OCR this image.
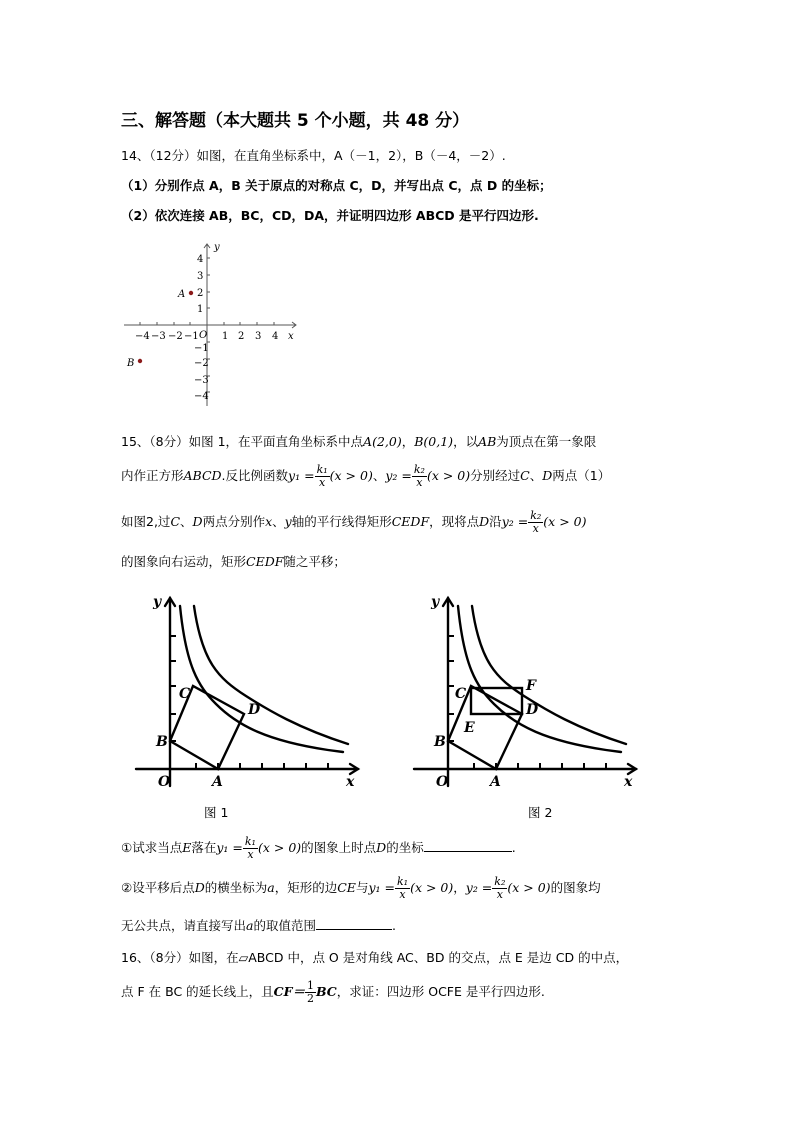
三、解答题（本大题共 5 个小题，共 48 分）
14、（12分）如图，在直角坐标系中，A（－1，2），B（－4，－2）.
（1）分别作点 A，B 关于原点的对称点 C，D，并写出点 C，点 D 的坐标；
（2）依次连接 AB，BC，CD，DA，并证明四边形 ABCD 是平行四边形.
y
x
O
−4 −3 −2 −1 1 2 3 4
4
3
2
1
−1
−2
−3
−4
A
B
15、（8分）如图 1，在平面直角坐标系中点A(2,0)，B(0,1)，以AB为顶点在第一象限
内作正方形ABCD.反比例函数$y_1 = \frac{\text{k₁}}{x} (x > 0)$、$y_2 = \frac{\text{k₂}}{x} (x > 0)$分别经过C、D两点（1）
如图2,过C、D两点分别作x、y轴的平行线得矩形CEDF，现将点D沿$y_2 = \frac{\text{k₂}}{x} (x > 0)$
的图象向右运动，矩形CEDF随之平移；
y
x
O	A
B
C
D
图 1
y
x
O	A
B
C
D
E
F
图 2
①试求当点E落在$y_1 = \frac{\text{k₁}}{x} (x > 0)$的图象上时点D的坐标	.
②设平移后点D的横坐标为a，矩形的边CE与$y_1 = \frac{\text{k₁}}{x} (x > 0)$，$y_2 = \frac{\text{k₂}}{x} (x > 0)$的图象均
无公共点，请直接写出a的取值范围	.
16、（8分）如图，在▱ABCD 中，点 O 是对角线 AC、BD 的交点，点 E 是边 CD 的中点，
点 F 在 BC 的延长线上，且$CF= \frac{1}{2}$ BC，求证：四边形 OCFE 是平行四边形.
